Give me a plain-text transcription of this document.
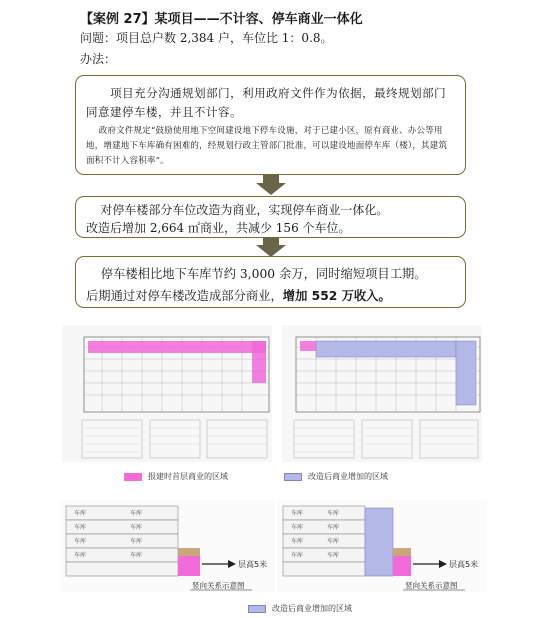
【案例 27】某项目——不计容、停车商业一体化
问题：项目总户数 2,384 户，车位比 1：0.8。
办法：
项目充分沟通规划部门，利用政府文件作为依据，最终规划部门同意建停车楼，并且不计容。
政府文件规定“鼓励使用地下空间建设地下停车设施，对于已建小区，原有商业、办公等用地，增建地下车库确有困难的，经规划行政主管部门批准，可以建设地面停车库（楼），其建筑面积不计入容积率”。
对停车楼部分车位改造为商业，实现停车商业一体化。
改造后增加 2,664 ㎡商业，共减少 156 个车位。
停车楼相比地下车库节约 3,000 余万，同时缩短项目工期。
后期通过对停车楼改造成部分商业，增加 552 万收入。
报建时首层商业的区域	改造后商业增加的区域
车库	车库
车库	车库
车库	车库
车库	车库
层高5米
竖向关系示意图
车库	车库
车库	车库
车库	车库
车库	车库
层高5米
竖向关系示意图
改造后商业增加的区域
